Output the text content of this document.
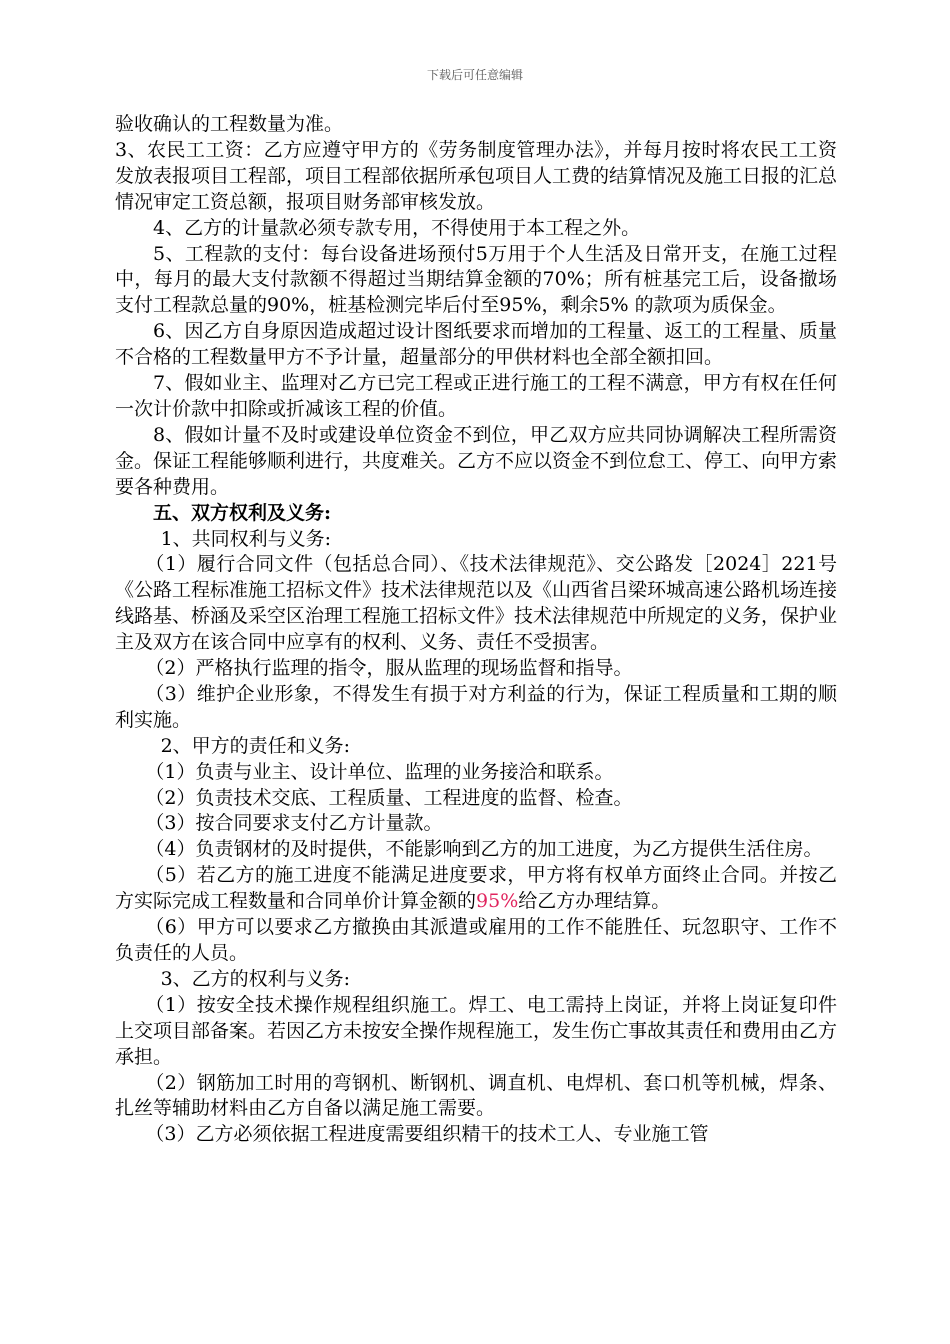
下载后可任意编辑
验收确认的工程数量为准。
3、农民工工资：乙方应遵守甲方的《劳务制度管理办法》，并每月按时将农民工工资发放表报项目工程部，项目工程部依据所承包项目人工费的结算情况及施工日报的汇总情况审定工资总额，报项目财务部审核发放。
4、乙方的计量款必须专款专用，不得使用于本工程之外。
5、工程款的支付：每台设备进场预付5万用于个人生活及日常开支，在施工过程中，每月的最大支付款额不得超过当期结算金额的70%；所有桩基完工后，设备撤场支付工程款总量的90%，桩基检测完毕后付至95%，剩余5% 的款项为质保金。
6、因乙方自身原因造成超过设计图纸要求而增加的工程量、返工的工程量、质量不合格的工程数量甲方不予计量，超量部分的甲供材料也全部全额扣回。
7、假如业主、监理对乙方已完工程或正进行施工的工程不满意，甲方有权在任何一次计价款中扣除或折减该工程的价值。
8、假如计量不及时或建设单位资金不到位，甲乙双方应共同协调解决工程所需资金。保证工程能够顺利进行，共度难关。乙方不应以资金不到位怠工、停工、向甲方索要各种费用。
五、双方权利及义务:
1、共同权利与义务:
（1）履行合同文件（包括总合同）、《技术法律规范》、交公路发［2024］221号《公路工程标准施工招标文件》技术法律规范以及《山西省吕梁环城高速公路机场连接线路基、桥涵及采空区治理工程施工招标文件》技术法律规范中所规定的义务，保护业主及双方在该合同中应享有的权利、义务、责任不受损害。
（2）严格执行监理的指令，服从监理的现场监督和指导。
（3）维护企业形象，不得发生有损于对方利益的行为，保证工程质量和工期的顺利实施。
2、甲方的责任和义务:
（1）负责与业主、设计单位、监理的业务接洽和联系。
（2）负责技术交底、工程质量、工程进度的监督、检查。
（3）按合同要求支付乙方计量款。
（4）负责钢材的及时提供，不能影响到乙方的加工进度，为乙方提供生活住房。
（5）若乙方的施工进度不能满足进度要求，甲方将有权单方面终止合同。并按乙方实际完成工程数量和合同单价计算金额的95%给乙方办理结算。
（6）甲方可以要求乙方撤换由其派遣或雇用的工作不能胜任、玩忽职守、工作不负责任的人员。
3、乙方的权利与义务:
（1）按安全技术操作规程组织施工。焊工、电工需持上岗证，并将上岗证复印件上交项目部备案。若因乙方未按安全操作规程施工，发生伤亡事故其责任和费用由乙方承担。
（2）钢筋加工时用的弯钢机、断钢机、调直机、电焊机、套口机等机械，焊条、扎丝等辅助材料由乙方自备以满足施工需要。
（3）乙方必须依据工程进度需要组织精干的技术工人、专业施工管
